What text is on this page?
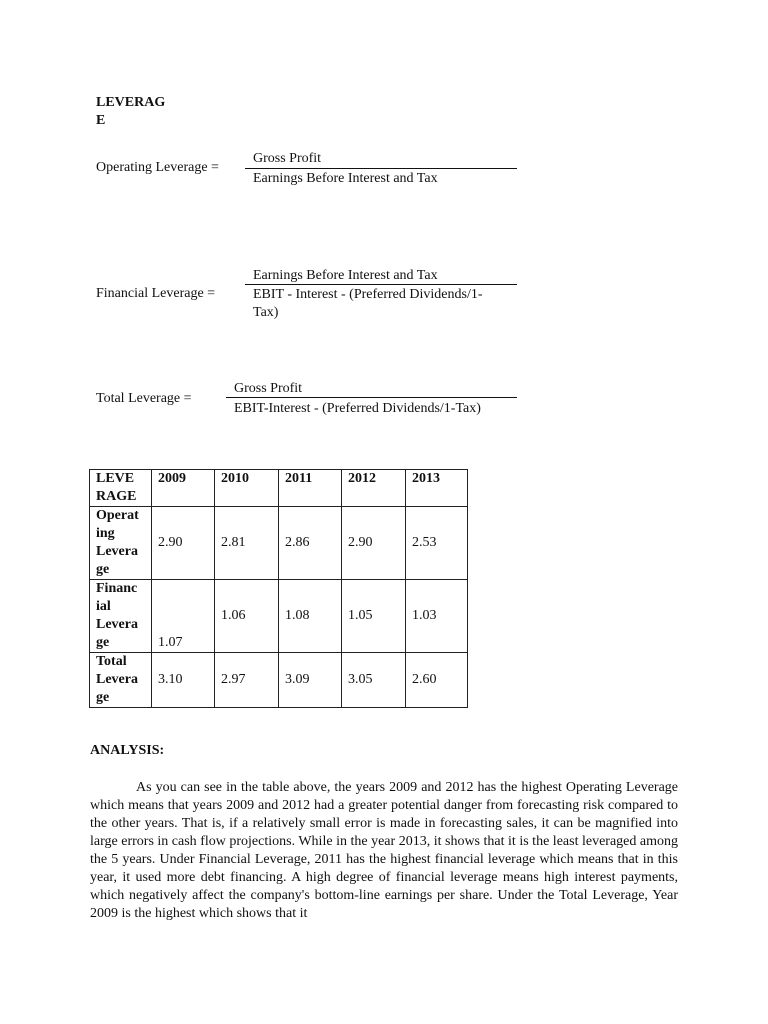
LEVERAG
E
Operating Leverage =
Gross Profit
Earnings Before Interest and Tax
Financial Leverage =
Earnings Before Interest and Tax
EBIT - Interest - (Preferred Dividends/1-
Tax)
Total Leverage =
Gross Profit
EBIT-Interest - (Preferred Dividends/1-Tax)
LEVE
RAGE	2009	2010	2011	2012	2013

Operat
ing
Levera
ge	2.90	2.81	2.86	2.90	2.53

Financ
ial
Levera
ge	1.07	1.06	1.08	1.05	1.03

Total
Levera
ge	3.10	2.97	3.09	3.05	2.60
ANALYSIS:
As you can see in the table above, the years 2009 and 2012 has the highest Operating Leverage which means that years 2009 and 2012 had a greater potential danger from forecasting risk compared to the other years. That is, if a relatively small error is made in forecasting sales, it can be magnified into large errors in cash flow projections. While in the year 2013, it shows that it is the least leveraged among the 5 years. Under Financial Leverage, 2011 has the highest financial leverage which means that in this year, it used more debt financing. A high degree of financial leverage means high interest payments, which negatively affect the company's bottom-line earnings per share. Under the Total Leverage, Year 2009 is the highest which shows that it
